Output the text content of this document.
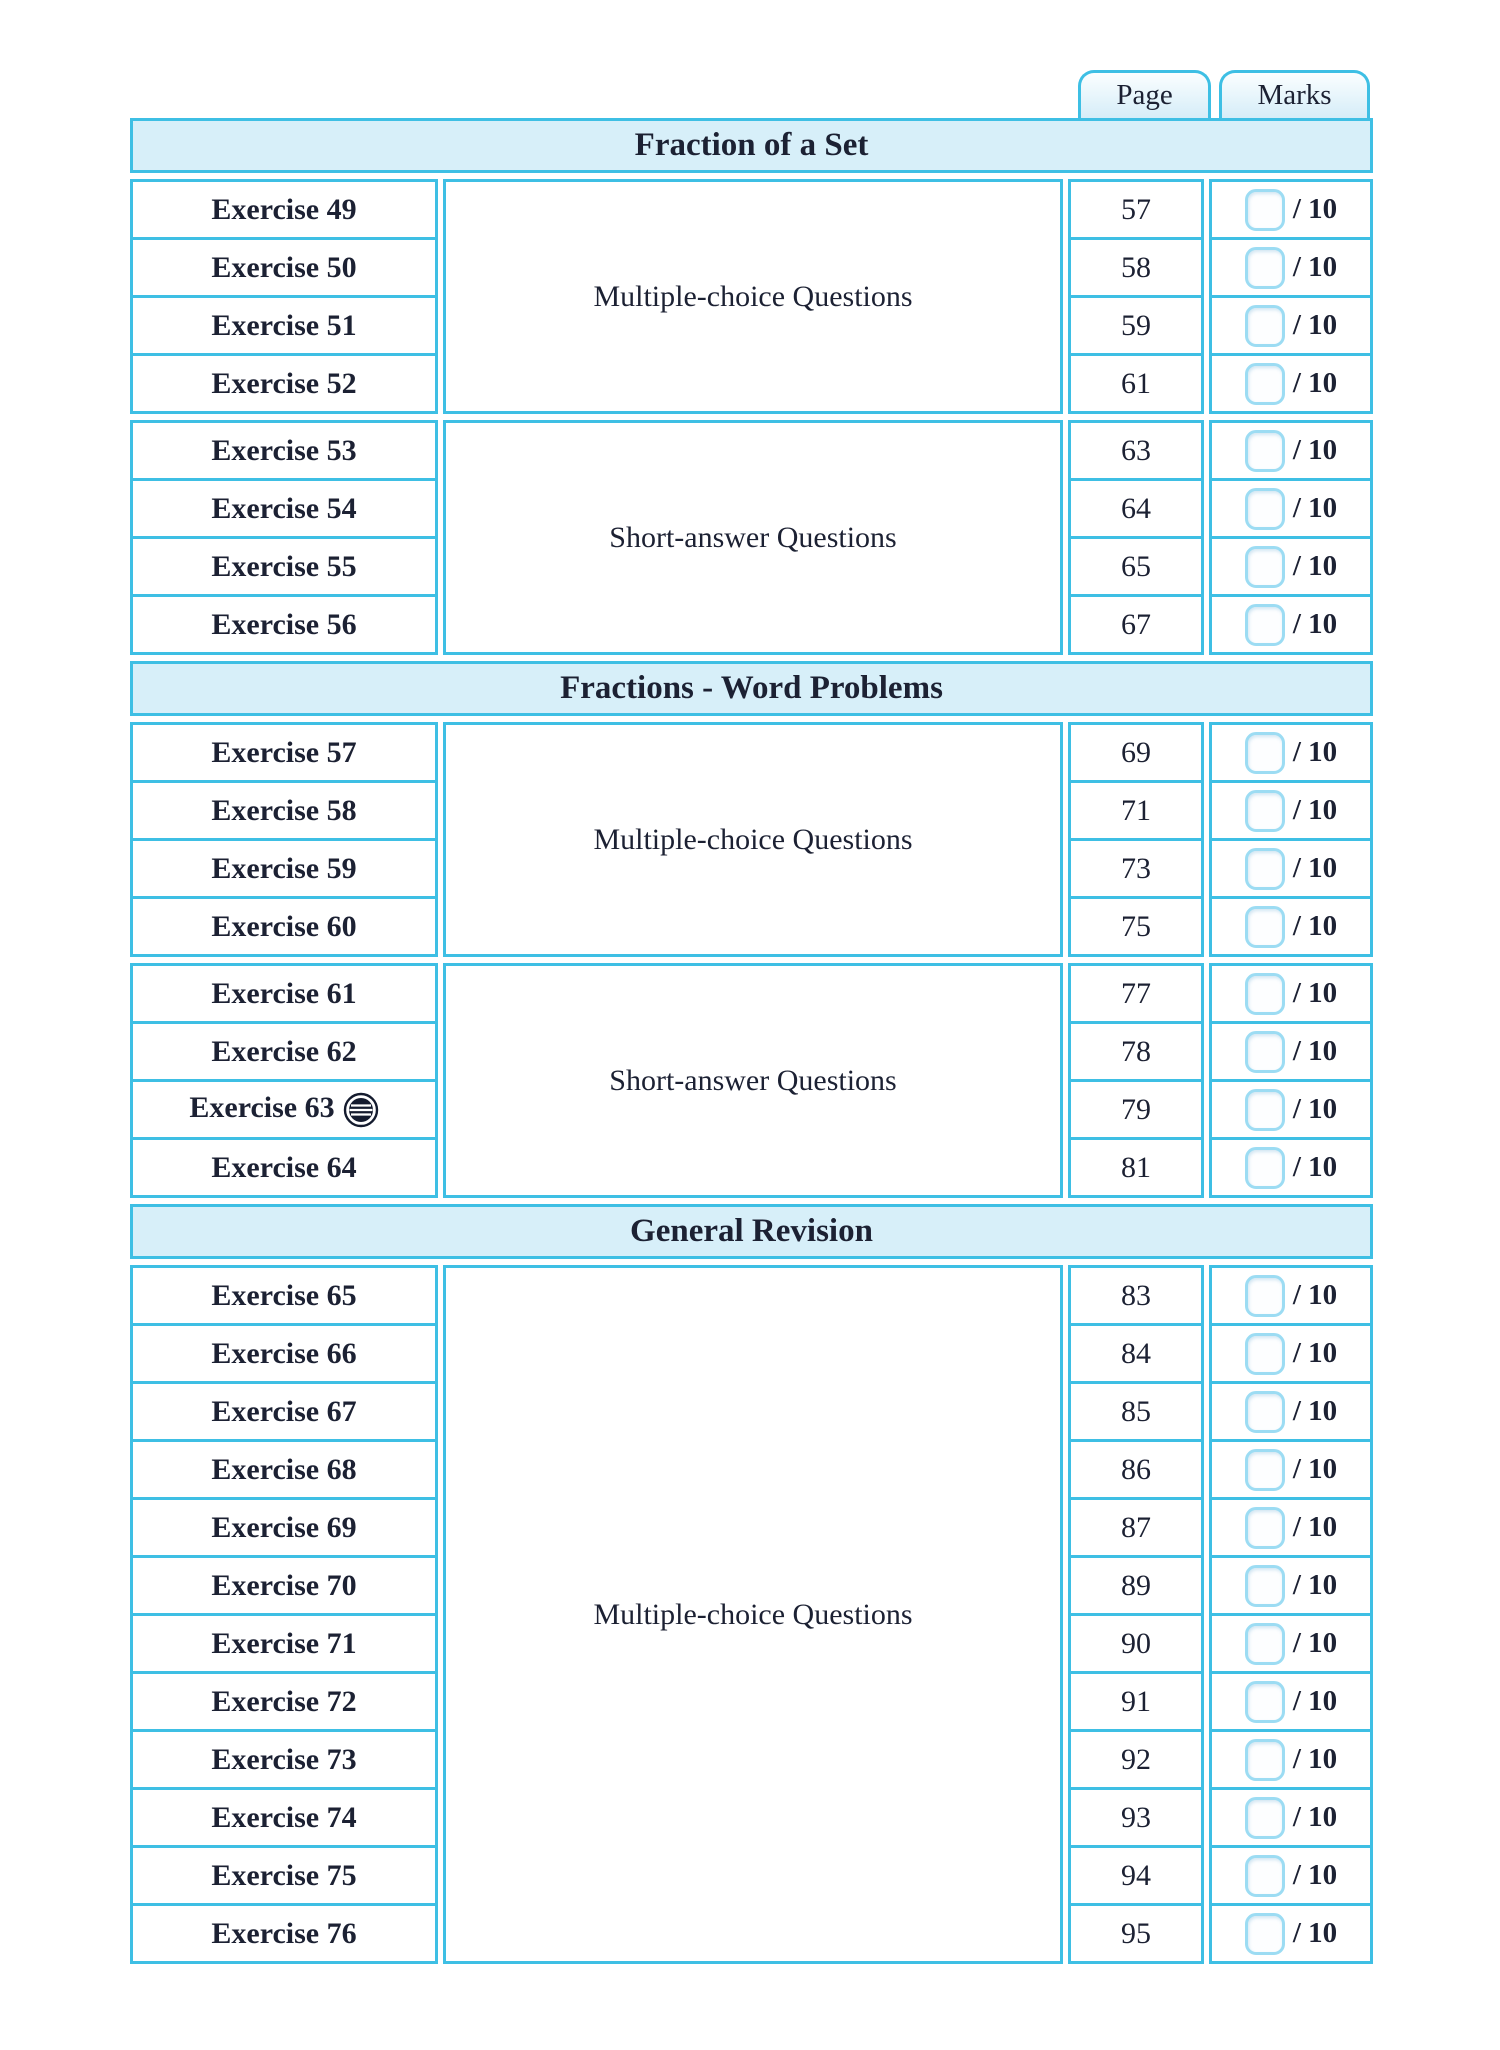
Page	Marks
Fraction of a Set						

Exercise 49		Multiple-choice Questions		57		/ 10

Exercise 50				58		/ 10

Exercise 51				59		/ 10

Exercise 52				61		/ 10

Exercise 53		Short-answer Questions		63		/ 10

Exercise 54				64		/ 10

Exercise 55				65		/ 10

Exercise 56				67		/ 10

Fractions - Word Problems						

Exercise 57		Multiple-choice Questions		69		/ 10

Exercise 58				71		/ 10

Exercise 59				73		/ 10

Exercise 60				75		/ 10

Exercise 61		Short-answer Questions		77		/ 10

Exercise 62				78		/ 10

Exercise 63				79		/ 10

Exercise 64				81		/ 10

General Revision						

Exercise 65		Multiple-choice Questions		83		/ 10

Exercise 66				84		/ 10

Exercise 67				85		/ 10

Exercise 68				86		/ 10

Exercise 69				87		/ 10

Exercise 70				89		/ 10

Exercise 71				90		/ 10

Exercise 72				91		/ 10

Exercise 73				92		/ 10

Exercise 74				93		/ 10

Exercise 75				94		/ 10

Exercise 76				95		/ 10
